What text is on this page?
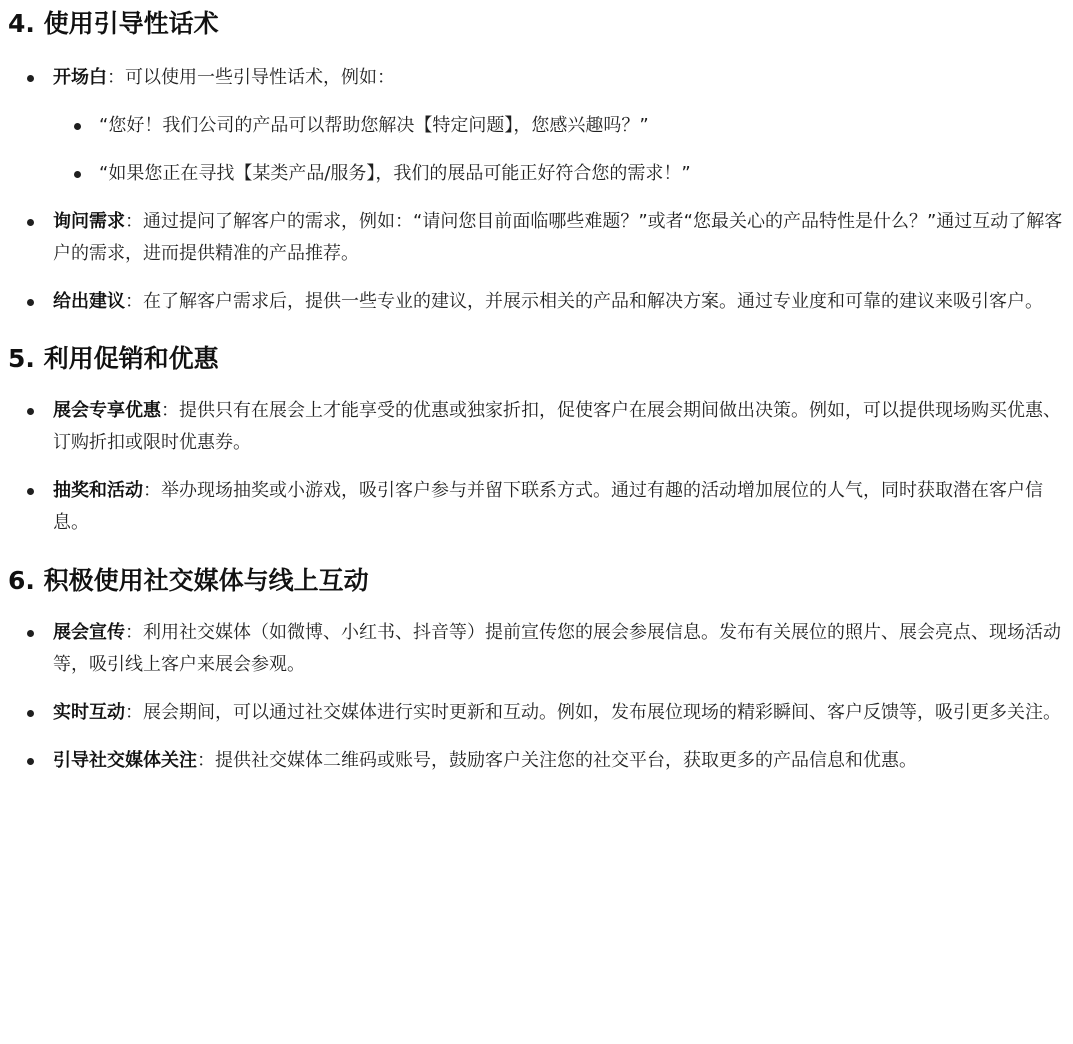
4. 使用引导性话术
开场白：可以使用一些引导性话术，例如：
“您好！我们公司的产品可以帮助您解决【特定问题】，您感兴趣吗？”
“如果您正在寻找【某类产品/服务】，我们的展品可能正好符合您的需求！”
询问需求：通过提问了解客户的需求，例如：“请问您目前面临哪些难题？”或者“您最关心的产品特性是什么？”通过互动了解客户的需求，进而提供精准的产品推荐。
给出建议：在了解客户需求后，提供一些专业的建议，并展示相关的产品和解决方案。通过专业度和可靠的建议来吸引客户。
5. 利用促销和优惠
展会专享优惠：提供只有在展会上才能享受的优惠或独家折扣，促使客户在展会期间做出决策。例如，可以提供现场购买优惠、订购折扣或限时优惠券。
抽奖和活动：举办现场抽奖或小游戏，吸引客户参与并留下联系方式。通过有趣的活动增加展位的人气，同时获取潜在客户信息。
6. 积极使用社交媒体与线上互动
展会宣传：利用社交媒体（如微博、小红书、抖音等）提前宣传您的展会参展信息。发布有关展位的照片、展会亮点、现场活动等，吸引线上客户来展会参观。
实时互动：展会期间，可以通过社交媒体进行实时更新和互动。例如，发布展位现场的精彩瞬间、客户反馈等，吸引更多关注。
引导社交媒体关注：提供社交媒体二维码或账号，鼓励客户关注您的社交平台，获取更多的产品信息和优惠。
